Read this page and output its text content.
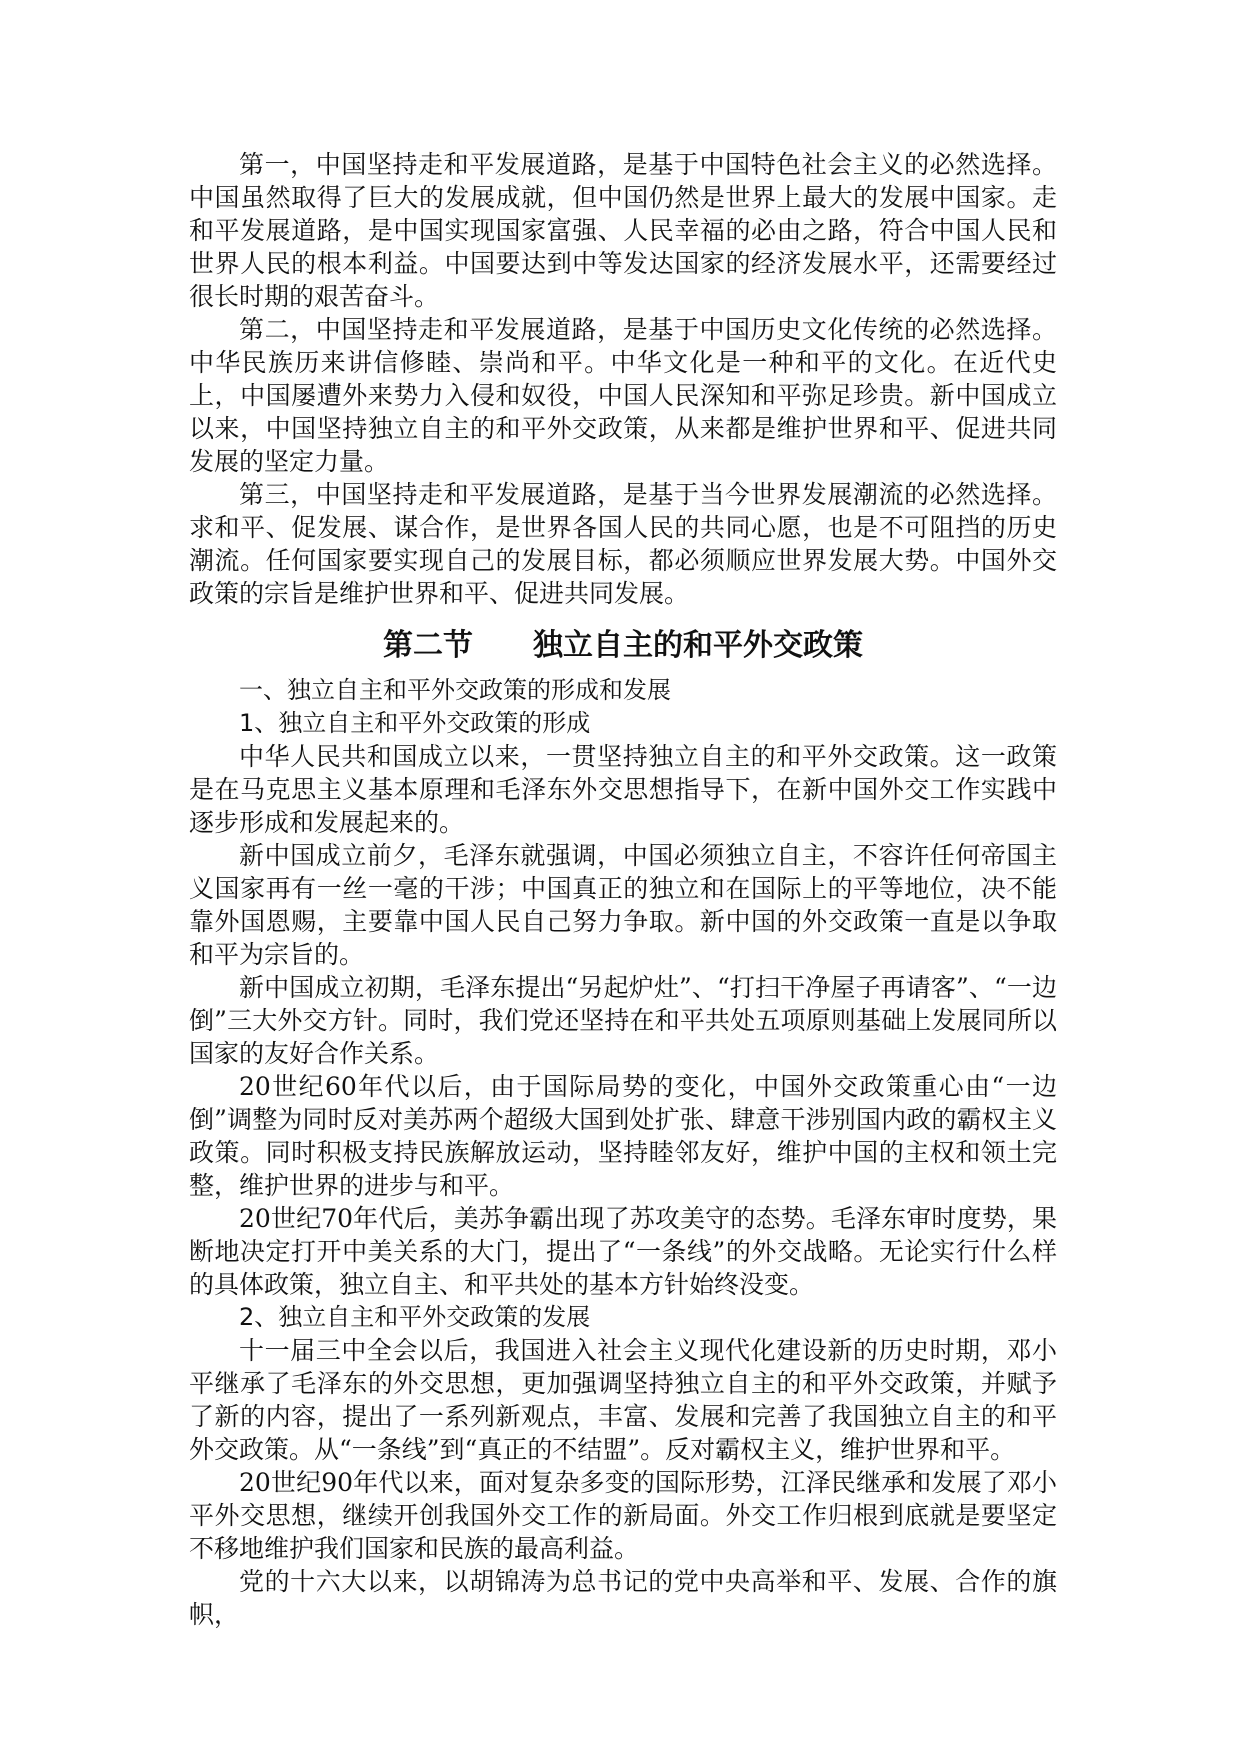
第一，中国坚持走和平发展道路，是基于中国特色社会主义的必然选择。中国虽然取得了巨大的发展成就，但中国仍然是世界上最大的发展中国家。走和平发展道路，是中国实现国家富强、人民幸福的必由之路，符合中国人民和世界人民的根本利益。中国要达到中等发达国家的经济发展水平，还需要经过很长时期的艰苦奋斗。

第二，中国坚持走和平发展道路，是基于中国历史文化传统的必然选择。中华民族历来讲信修睦、崇尚和平。中华文化是一种和平的文化。在近代史上，中国屡遭外来势力入侵和奴役，中国人民深知和平弥足珍贵。新中国成立以来，中国坚持独立自主的和平外交政策，从来都是维护世界和平、促进共同发展的坚定力量。

第三，中国坚持走和平发展道路，是基于当今世界发展潮流的必然选择。求和平、促发展、谋合作，是世界各国人民的共同心愿，也是不可阻挡的历史潮流。任何国家要实现自己的发展目标，都必须顺应世界发展大势。中国外交政策的宗旨是维护世界和平、促进共同发展。

第二节　　独立自主的和平外交政策

一、独立自主和平外交政策的形成和发展

1、独立自主和平外交政策的形成

中华人民共和国成立以来，一贯坚持独立自主的和平外交政策。这一政策是在马克思主义基本原理和毛泽东外交思想指导下，在新中国外交工作实践中逐步形成和发展起来的。

新中国成立前夕，毛泽东就强调，中国必须独立自主，不容许任何帝国主义国家再有一丝一毫的干涉；中国真正的独立和在国际上的平等地位，决不能靠外国恩赐，主要靠中国人民自己努力争取。新中国的外交政策一直是以争取和平为宗旨的。

新中国成立初期，毛泽东提出“另起炉灶”、“打扫干净屋子再请客”、“一边倒”三大外交方针。同时，我们党还坚持在和平共处五项原则基础上发展同所以国家的友好合作关系。

20世纪60年代以后，由于国际局势的变化，中国外交政策重心由“一边倒”调整为同时反对美苏两个超级大国到处扩张、肆意干涉别国内政的霸权主义政策。同时积极支持民族解放运动，坚持睦邻友好，维护中国的主权和领土完整，维护世界的进步与和平。

20世纪70年代后，美苏争霸出现了苏攻美守的态势。毛泽东审时度势，果断地决定打开中美关系的大门，提出了“一条线”的外交战略。无论实行什么样的具体政策，独立自主、和平共处的基本方针始终没变。

2、独立自主和平外交政策的发展

十一届三中全会以后，我国进入社会主义现代化建设新的历史时期，邓小平继承了毛泽东的外交思想，更加强调坚持独立自主的和平外交政策，并赋予了新的内容，提出了一系列新观点，丰富、发展和完善了我国独立自主的和平外交政策。从“一条线”到“真正的不结盟”。反对霸权主义，维护世界和平。

20世纪90年代以来，面对复杂多变的国际形势，江泽民继承和发展了邓小平外交思想，继续开创我国外交工作的新局面。外交工作归根到底就是要坚定不移地维护我们国家和民族的最高利益。

党的十六大以来，以胡锦涛为总书记的党中央高举和平、发展、合作的旗帜，
